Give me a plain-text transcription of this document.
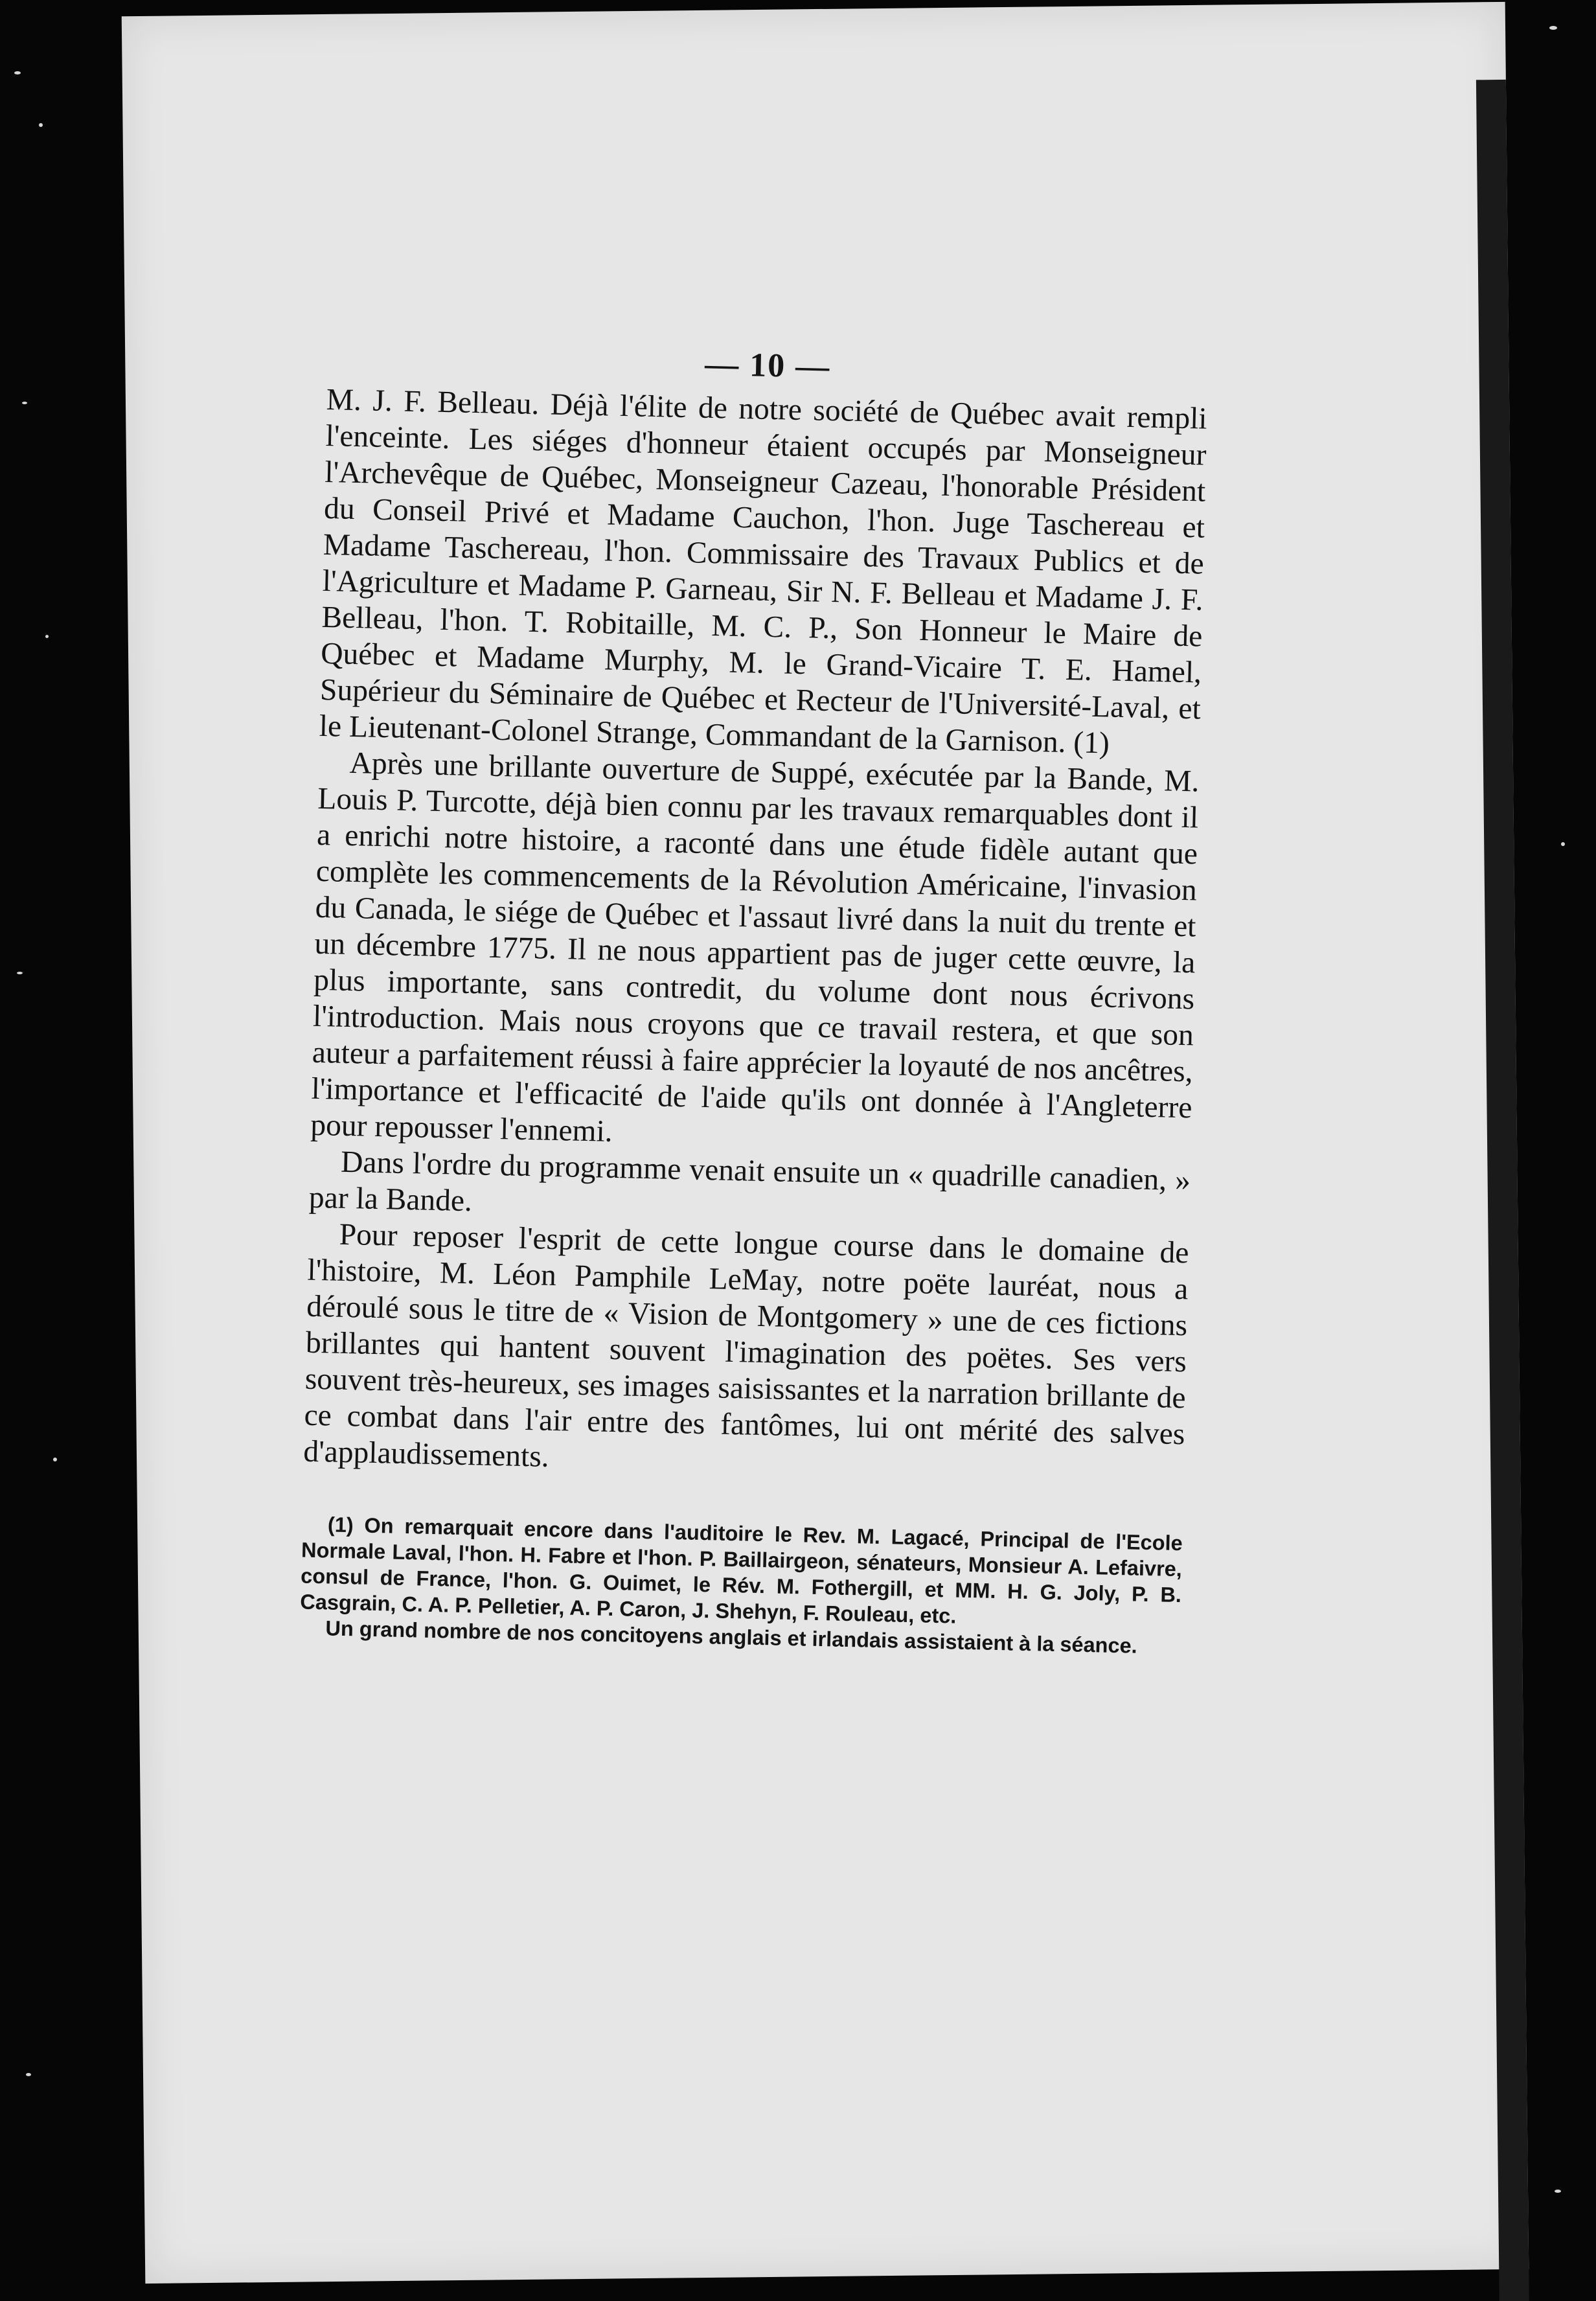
— 10 —

M. J. F. Belleau. Déjà l'élite de notre société de Québec avait rempli l'enceinte. Les siéges d'honneur étaient occupés par Monseigneur l'Archevêque de Québec, Monseigneur Cazeau, l'honorable Président du Conseil Privé et Madame Cauchon, l'hon. Juge Taschereau et Madame Taschereau, l'hon. Commissaire des Travaux Publics et de l'Agriculture et Madame P. Garneau, Sir N. F. Belleau et Madame J. F. Belleau, l'hon. T. Robitaille, M. C. P., Son Honneur le Maire de Québec et Madame Murphy, M. le Grand-Vicaire T. E. Hamel, Supérieur du Séminaire de Québec et Recteur de l'Université-Laval, et le Lieutenant-Colonel Strange, Commandant de la Garnison. (1)

Après une brillante ouverture de Suppé, exécutée par la Bande, M. Louis P. Turcotte, déjà bien connu par les travaux remarquables dont il a enrichi notre histoire, a raconté dans une étude fidèle autant que complète les commencements de la Révolution Américaine, l'invasion du Canada, le siége de Québec et l'assaut livré dans la nuit du trente et un décembre 1775. Il ne nous appartient pas de juger cette œuvre, la plus importante, sans contredit, du volume dont nous écrivons l'introduction. Mais nous croyons que ce travail restera, et que son auteur a parfaitement réussi à faire apprécier la loyauté de nos ancêtres, l'importance et l'efficacité de l'aide qu'ils ont donnée à l'Angleterre pour repousser l'ennemi.

Dans l'ordre du programme venait ensuite un « quadrille canadien, » par la Bande.

Pour reposer l'esprit de cette longue course dans le domaine de l'histoire, M. Léon Pamphile LeMay, notre poëte lauréat, nous a déroulé sous le titre de « Vision de Montgomery » une de ces fictions brillantes qui hantent souvent l'imagination des poëtes. Ses vers souvent très-heureux, ses images saisissantes et la narration brillante de ce combat dans l'air entre des fantômes, lui ont mérité des salves d'applaudissements.

(1) On remarquait encore dans l'auditoire le Rev. M. Lagacé, Principal de l'Ecole Normale Laval, l'hon. H. Fabre et l'hon. P. Baillairgeon, sénateurs, Monsieur A. Lefaivre, consul de France, l'hon. G. Ouimet, le Rév. M. Fothergill, et MM. H. G. Joly, P. B. Casgrain, C. A. P. Pelletier, A. P. Caron, J. Shehyn, F. Rouleau, etc.

Un grand nombre de nos concitoyens anglais et irlandais assistaient à la séance.
